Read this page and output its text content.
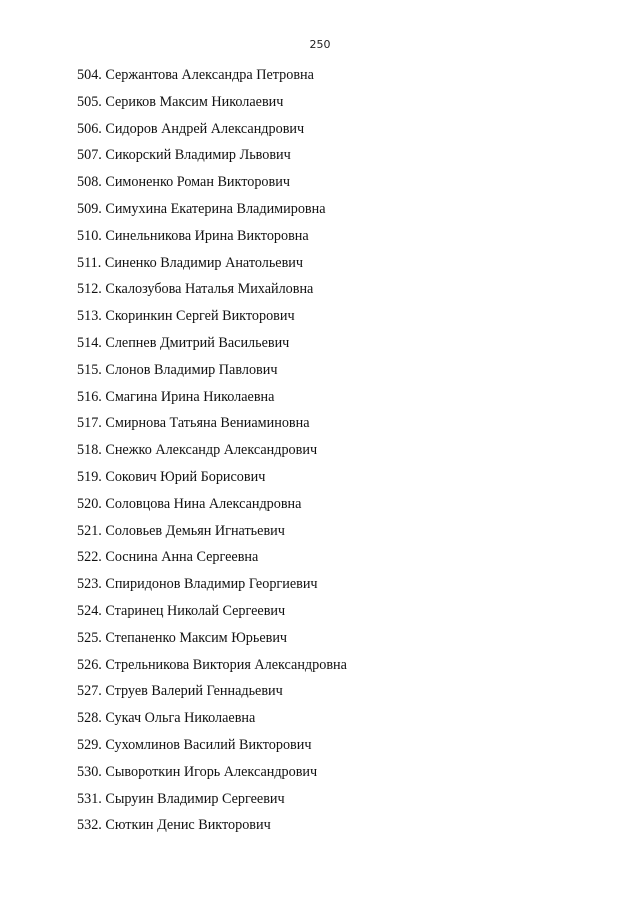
250
504. Сержантова Александра Петровна
505. Сериков Максим Николаевич
506. Сидоров Андрей Александрович
507. Сикорский Владимир Львович
508. Симоненко Роман Викторович
509. Симухина Екатерина Владимировна
510. Синельникова Ирина Викторовна
511. Синенко Владимир Анатольевич
512. Скалозубова Наталья Михайловна
513. Скоринкин Сергей Викторович
514. Слепнев Дмитрий Васильевич
515. Слонов Владимир Павлович
516. Смагина Ирина Николаевна
517. Смирнова Татьяна Вениаминовна
518. Снежко Александр Александрович
519. Сокович Юрий Борисович
520. Соловцова Нина Александровна
521. Соловьев Демьян Игнатьевич
522. Соснина Анна Сергеевна
523. Спиридонов Владимир Георгиевич
524. Старинец Николай Сергеевич
525. Степаненко Максим Юрьевич
526. Стрельникова Виктория Александровна
527. Струев Валерий Геннадьевич
528. Сукач Ольга Николаевна
529. Сухомлинов Василий Викторович
530. Сывороткин Игорь Александрович
531. Сыруин Владимир Сергеевич
532. Сюткин Денис Викторович
